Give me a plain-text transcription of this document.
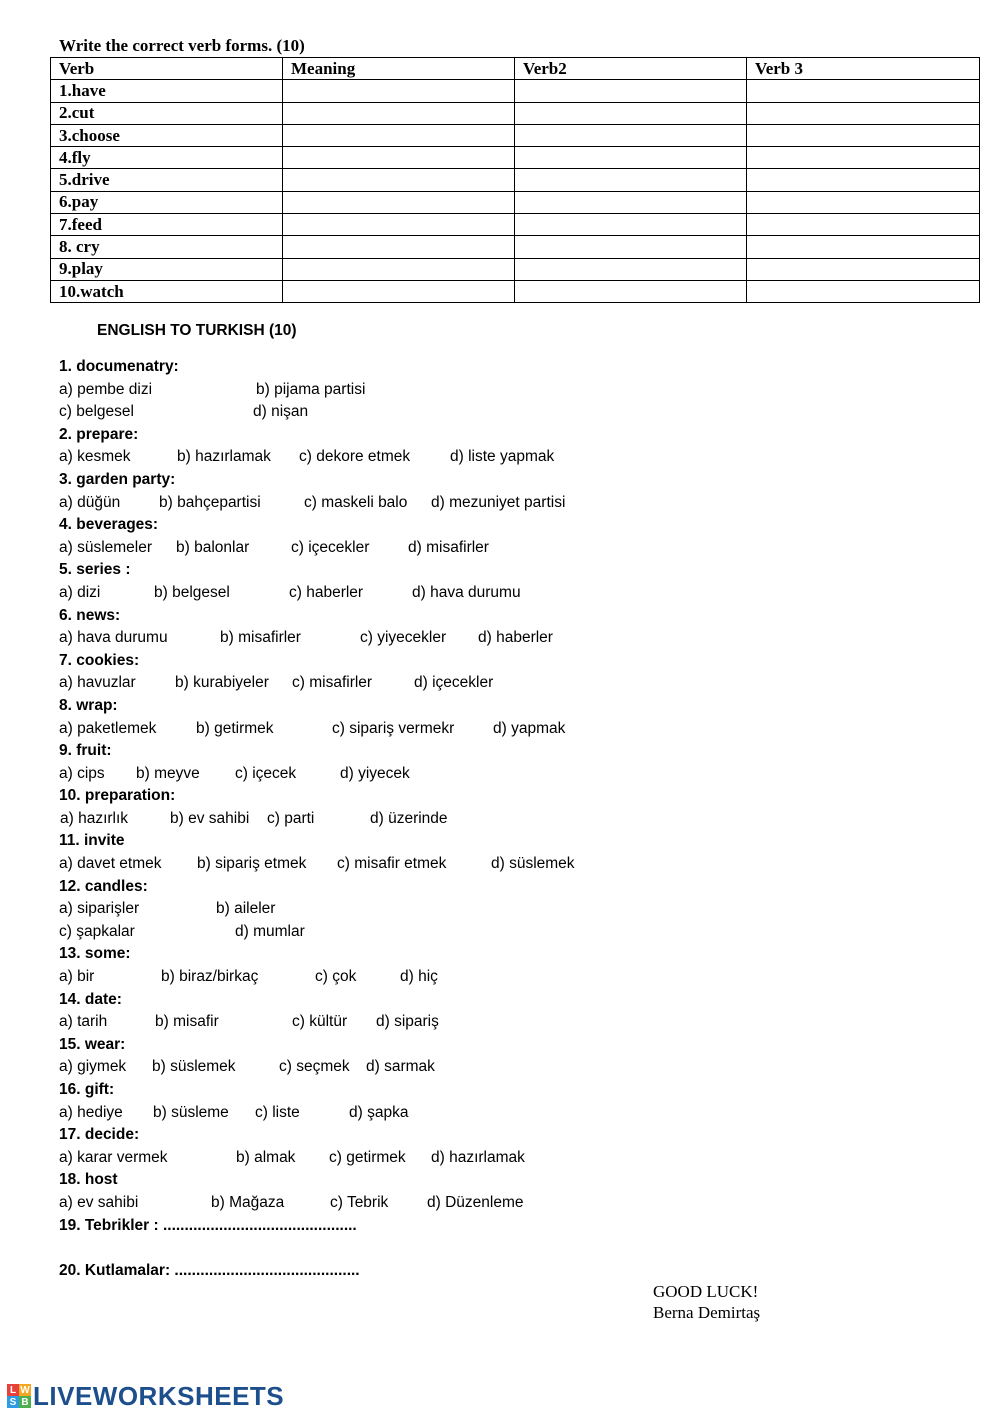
Write the correct verb forms. (10)
Verb	Meaning	Verb2	Verb 3
1.have			
2.cut			
3.choose			
4.fly			
5.drive			
6.pay			
7.feed			
8. cry			
9.play			
10.watch			
ENGLISH TO TURKISH (10)
1. documenatry:
a) pembe dizi	b) pijama partisi
c) belgesel	d) nişan
2. prepare:
a) kesmek	b) hazırlamak c) dekore etmek	d) liste yapmak
3. garden party:
a) düğün	b) bahçepartisi	c) maskeli balo d) mezuniyet partisi
4. beverages:
a) süslemeler b) balonlar	c) içecekler d) misafirler
5. series :
a) dizi	b) belgesel	c) haberler	d) hava durumu
6. news:
a) hava durumu	b) misafirler	c) yiyecekler d) haberler
7. cookies:
a) havuzlar	b) kurabiyeler c) misafirler	d) içecekler
8. wrap:
a) paketlemek	b) getirmek	c) sipariş vermekr d) yapmak
9. fruit:
a) cips b) meyve c) içecek	d) yiyecek
10. preparation:
a) hazırlık	b) ev sahibi c) parti	d) üzerinde
11. invite
a) davet etmek b) sipariş etmek c) misafir etmek	d) süslemek
12. candles:
a) siparişler	b) aileler
c) şapkalar	d) mumlar
13. some:
a) bir	b) biraz/birkaç	c) çok	d) hiç
14. date:
a) tarih	b) misafir	c) kültür d) sipariş
15. wear:
a) giymek b) süslemek	c) seçmek d) sarmak
16. gift:
a) hediye b) süsleme c) liste	d) şapka
17. decide:
a) karar vermek	b) almak c) getirmek d) hazırlamak
18. host
a) ev sahibi	b) Mağaza	c) Tebrik d) Düzenleme
19. Tebrikler : .............................................
20. Kutlamalar: ...........................................
GOOD LUCK!
Berna Demirtaş
L W
S B LIVEWORKSHEETS
